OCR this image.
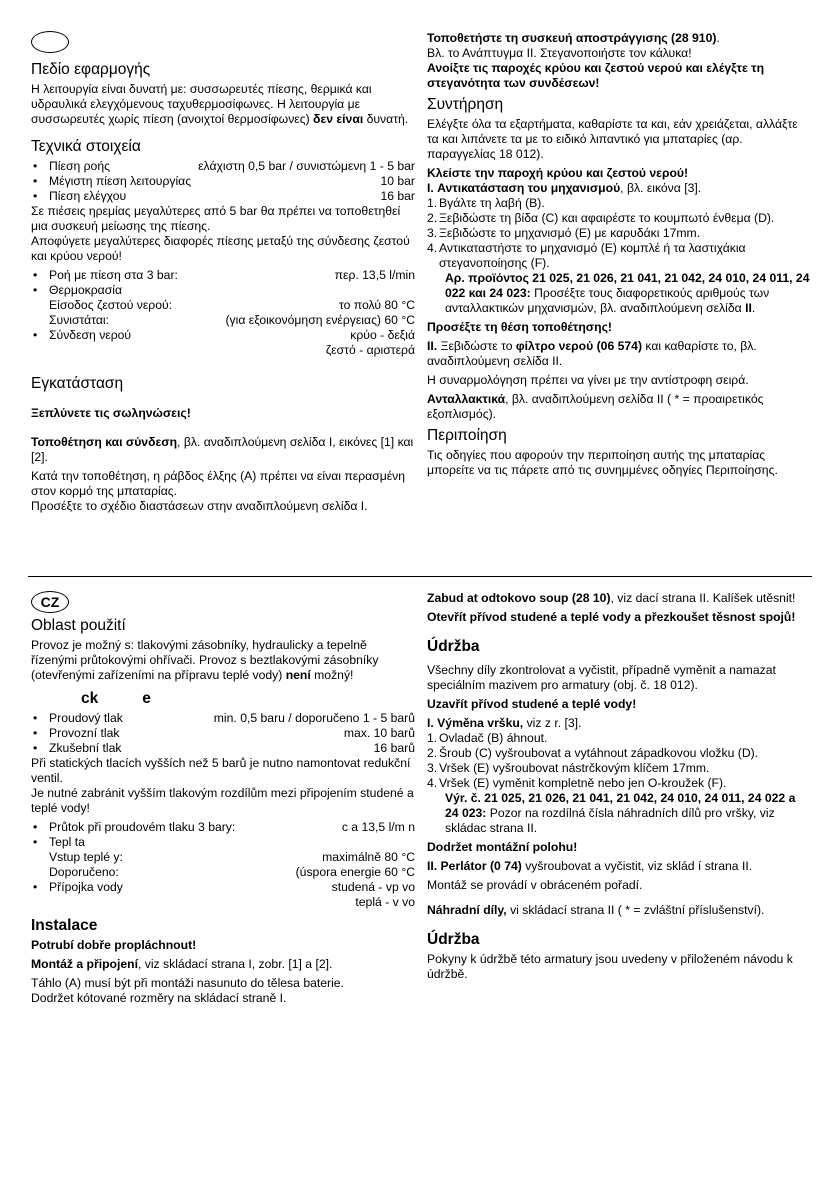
Πεδίο εφαρμογής

Η λειτουργία είναι δυνατή με: συσσωρευτές πίεσης, θερμικά και υδραυλικά ελεγχόμενους ταχυθερμοσίφωνες. Η λειτουργία με συσσωρευτές χωρίς πίεση (ανοιχτοί θερμοσίφωνες) δεν είναι δυνατή.

Τεχνικά στοιχεία
• Πίεση ροής	ελάχιστη 0,5 bar / συνιστώμενη 1 - 5 bar
• Μέγιστη πίεση λειτουργίας	10 bar
• Πίεση ελέγχου	16 bar

Σε πιέσεις ηρεμίας μεγαλύτερες από 5 bar θα πρέπει να τοποθετηθεί μια συσκευή μείωσης της πίεσης.

Αποφύγετε μεγαλύτερες διαφορές πίεσης μεταξύ της σύνδεσης ζεστού και κρύου νερού!

• Ροή με πίεση στα 3 bar:	περ. 13,5 l/min
• Θερμοκρασία
Είσοδος ζεστού νερού:	το πολύ 80 °C
Συνιστάται:	(για εξοικονόμηση ενέργειας) 60 °C
• Σύνδεση νερού	κρύο - δεξιά
ζεστό - αριστερά
Εγκατάσταση

Ξεπλύνετε τις σωληνώσεις!

Τοποθέτηση και σύνδεση, βλ. αναδιπλούμενη σελίδα I, εικόνες [1] και [2].

Κατά την τοποθέτηση, η ράβδος έλξης (A) πρέπει να είναι περασμένη στον κορμό της μπαταρίας.

Προσέξτε το σχέδιο διαστάσεων στην αναδιπλούμενη σελίδα I.

Τοποθετήστε τη συσκευή αποστράγγισης (28 910).

Βλ. το Ανάπτυγμα II. Στεγανοποιήστε τον κάλυκα!

Ανοίξτε τις παροχές κρύου και ζεστού νερού και ελέγξτε τη στεγανότητα των συνδέσεων!

Συντήρηση

Ελέγξτε όλα τα εξαρτήματα, καθαρίστε τα και, εάν χρειάζεται, αλλάξτε τα και λιπάνετε τα με το ειδικό λιπαντικό για μπαταρίες (αρ. παραγγελίας 18 012).

Κλείστε την παροχή κρύου και ζεστού νερού!

I. Αντικατάσταση του μηχανισμού, βλ. εικόνα [3].

1. Βγάλτε τη λαβή (B).
2. Ξεβιδώστε τη βίδα (C) και αφαιρέστε το κουμπωτό ένθεμα (D).
3. Ξεβιδώστε το μηχανισμό (E) με καρυδάκι 17mm.
4. Αντικαταστήστε το μηχανισμό (E) κομπλέ ή τα λαστιχάκια στεγανοποίησης (F).

Αρ. προϊόντος 21 025, 21 026, 21 041, 21 042, 24 010, 24 011, 24 022 και 24 023: Προσέξτε τους διαφορετικούς αριθμούς των ανταλλακτικών μηχανισμών, βλ. αναδιπλούμενη σελίδα II.

Προσέξτε τη θέση τοποθέτησης!

II. Ξεβιδώστε το φίλτρο νερού (06 574) και καθαρίστε το, βλ. αναδιπλούμενη σελίδα II.

Η συναρμολόγηση πρέπει να γίνει με την αντίστροφη σειρά.

Ανταλλακτικά, βλ. αναδιπλούμενη σελίδα II ( * = προαιρετικός εξοπλισμός).

Περιποίηση

Τις οδηγίες που αφορούν την περιποίηση αυτής της μπαταρίας μπορείτε να τις πάρετε από τις συνημμένες οδηγίες Περιποίησης.

CZ
Oblast použití

Provoz je možný s: tlakovými zásobníky, hydraulicky a tepelně řízenými průtokovými ohřívači. Provoz s beztlakovými zásobníky (otevřenými zařízeními na přípravu teplé vody) není možný!

ck	e
• Proudový tlak	min. 0,5 baru / doporučeno 1 - 5 barů
• Provozní tlak	max. 10 barů
• Zkušební tlak	16 barů

Při statických tlacích vyšších než 5 barů je nutno namontovat redukční ventil.

Je nutné zabránit vyšším tlakovým rozdílům mezi připojením studené a teplé vody!

• Průtok při proudovém tlaku 3 bary:	c a 13,5 l/m n
• Tepl ta
Vstup teplé y:	maximálně 80 °C
Doporučeno:	(úspora energie 60 °C
• Přípojka vody	studená - vp vo
teplá - v vo
Instalace

Potrubí dobře propláchnout!

Montáž a připojení, viz skládací strana I, zobr. [1] a [2].

Táhlo (A) musí být při montáži nasunuto do tělesa baterie.

Dodržet kótované rozměry na skládací straně I.

Zabud at odtokovo soup (28 10), viz dací strana II. Kalíšek utěsnit!

Otevřít přívod studené a teplé vody a přezkoušet těsnost spojů!

Údržba

Všechny díly zkontrolovat a vyčistit, případně vyměnit a namazat speciálním mazivem pro armatury (obj. č. 18 012).

Uzavřít přívod studené a teplé vody!

I. Výměna vršku, viz z r. [3].

1. Ovladač (B) áhnout.
2. Šroub (C) vyšroubovat a vytáhnout západkovou vložku (D).
3. Vršek (E) vyšroubovat nástrčkovým klíčem 17mm.
4. Vršek (E) vyměnit kompletně nebo jen O-kroužek (F).

Výr. č. 21 025, 21 026, 21 041, 21 042, 24 010, 24 011, 24 022 a 24 023: Pozor na rozdílná čísla náhradních dílů pro vršky, viz skládac strana II.

Dodržet montážní polohu!

II. Perlátor (0 74) vyšroubovat a vyčistit, viz sklád í strana II.

Montáž se provádí v obráceném pořadí.

Náhradní díly, vi skládací strana II ( * = zvláštní příslušenství).

Údržba

Pokyny k údržbě této armatury jsou uvedeny v přiloženém návodu k údržbě.
